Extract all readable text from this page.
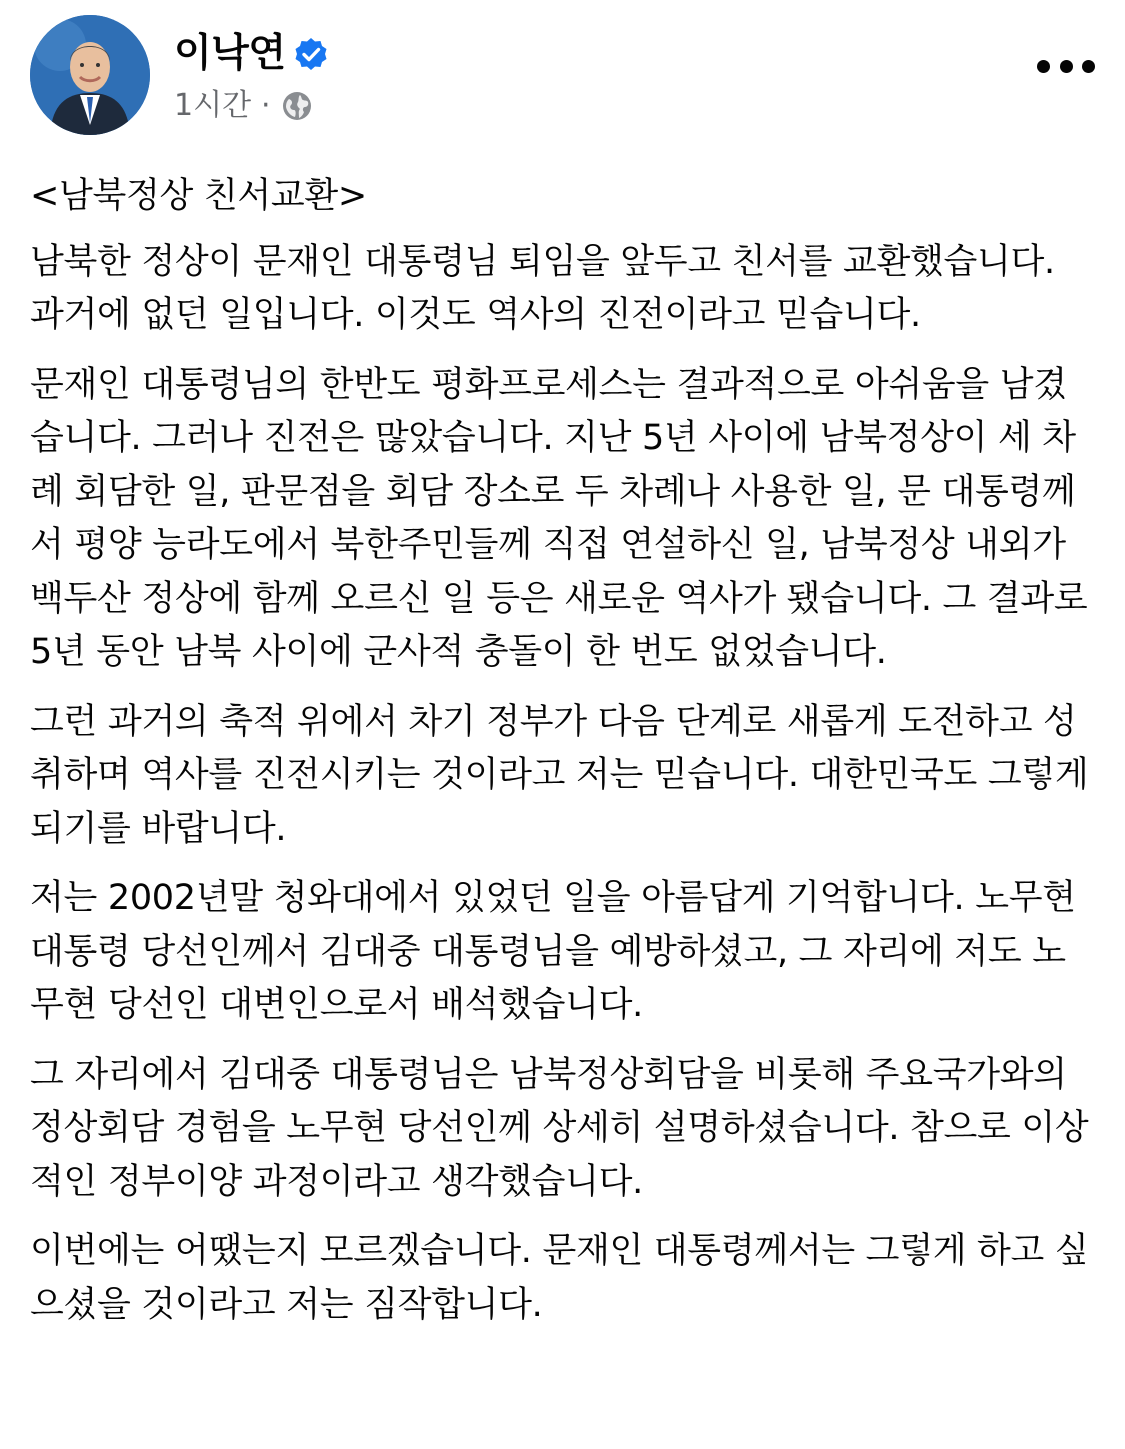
이낙연
1시간 ·

<남북정상 친서교환>

남북한 정상이 문재인 대통령님 퇴임을 앞두고 친서를 교환했습니다. 과거에 없던 일입니다. 이것도 역사의 진전이라고 믿습니다.

문재인 대통령님의 한반도 평화프로세스는 결과적으로 아쉬움을 남겼습니다. 그러나 진전은 많았습니다. 지난 5년 사이에 남북정상이 세 차례 회담한 일, 판문점을 회담 장소로 두 차례나 사용한 일, 문 대통령께서 평양 능라도에서 북한주민들께 직접 연설하신 일, 남북정상 내외가 백두산 정상에 함께 오르신 일 등은 새로운 역사가 됐습니다. 그 결과로 5년 동안 남북 사이에 군사적 충돌이 한 번도 없었습니다.

그런 과거의 축적 위에서 차기 정부가 다음 단계로 새롭게 도전하고 성취하며 역사를 진전시키는 것이라고 저는 믿습니다. 대한민국도 그렇게 되기를 바랍니다.

저는 2002년말 청와대에서 있었던 일을 아름답게 기억합니다. 노무현 대통령 당선인께서 김대중 대통령님을 예방하셨고, 그 자리에 저도 노무현 당선인 대변인으로서 배석했습니다.

그 자리에서 김대중 대통령님은 남북정상회담을 비롯해 주요국가와의 정상회담 경험을 노무현 당선인께 상세히 설명하셨습니다. 참으로 이상적인 정부이양 과정이라고 생각했습니다.

이번에는 어땠는지 모르겠습니다. 문재인 대통령께서는 그렇게 하고 싶으셨을 것이라고 저는 짐작합니다.
